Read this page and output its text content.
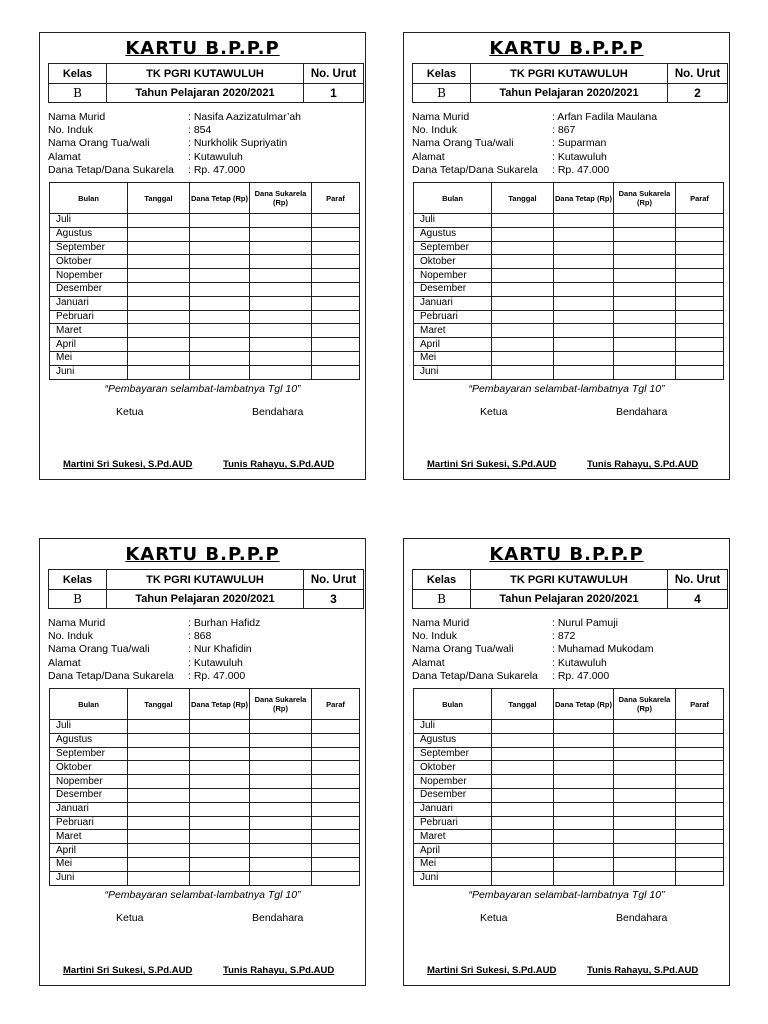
KARTU B.P.P.P
Kelas	TK PGRI KUTAWULUH	No. Urut
B	Tahun Pelajaran 2020/2021	1
Nama Murid	: Nasifa Aazizatulmar’ah
No. Induk	: 854
Nama Orang Tua/wali	: Nurkholik Supriyatin
Alamat	: Kutawuluh
Dana Tetap/Dana Sukarela	: Rp. 47.000
Bulan	Tanggal	Dana Tetap (Rp)	Dana Sukarela (Rp)	Paraf
Juli				
Agustus				
September				
Oktober				
Nopember				
Desember				
Januari				
Pebruari				
Maret				
April				
Mei				
Juni				
“Pembayaran selambat-lambatnya Tgl 10”
Ketua	Bendahara
Martini Sri Sukesi, S.Pd.AUD	Tunis Rahayu, S.Pd.AUD
KARTU B.P.P.P
Kelas	TK PGRI KUTAWULUH	No. Urut
B	Tahun Pelajaran 2020/2021	2
Nama Murid	: Arfan Fadila Maulana
No. Induk	: 867
Nama Orang Tua/wali	: Suparman
Alamat	: Kutawuluh
Dana Tetap/Dana Sukarela	: Rp. 47.000
Bulan	Tanggal	Dana Tetap (Rp)	Dana Sukarela (Rp)	Paraf
Juli				
Agustus				
September				
Oktober				
Nopember				
Desember				
Januari				
Pebruari				
Maret				
April				
Mei				
Juni				
“Pembayaran selambat-lambatnya Tgl 10”
Ketua	Bendahara
Martini Sri Sukesi, S.Pd.AUD	Tunis Rahayu, S.Pd.AUD
KARTU B.P.P.P
Kelas	TK PGRI KUTAWULUH	No. Urut
B	Tahun Pelajaran 2020/2021	3
Nama Murid	: Burhan Hafidz
No. Induk	: 868
Nama Orang Tua/wali	: Nur Khafidin
Alamat	: Kutawuluh
Dana Tetap/Dana Sukarela	: Rp. 47.000
Bulan	Tanggal	Dana Tetap (Rp)	Dana Sukarela (Rp)	Paraf
Juli				
Agustus				
September				
Oktober				
Nopember				
Desember				
Januari				
Pebruari				
Maret				
April				
Mei				
Juni				
“Pembayaran selambat-lambatnya Tgl 10”
Ketua	Bendahara
Martini Sri Sukesi, S.Pd.AUD	Tunis Rahayu, S.Pd.AUD
KARTU B.P.P.P
Kelas	TK PGRI KUTAWULUH	No. Urut
B	Tahun Pelajaran 2020/2021	4
Nama Murid	: Nurul Pamuji
No. Induk	: 872
Nama Orang Tua/wali	: Muhamad Mukodam
Alamat	: Kutawuluh
Dana Tetap/Dana Sukarela	: Rp. 47.000
Bulan	Tanggal	Dana Tetap (Rp)	Dana Sukarela (Rp)	Paraf
Juli				
Agustus				
September				
Oktober				
Nopember				
Desember				
Januari				
Pebruari				
Maret				
April				
Mei				
Juni				
“Pembayaran selambat-lambatnya Tgl 10”
Ketua	Bendahara
Martini Sri Sukesi, S.Pd.AUD	Tunis Rahayu, S.Pd.AUD
